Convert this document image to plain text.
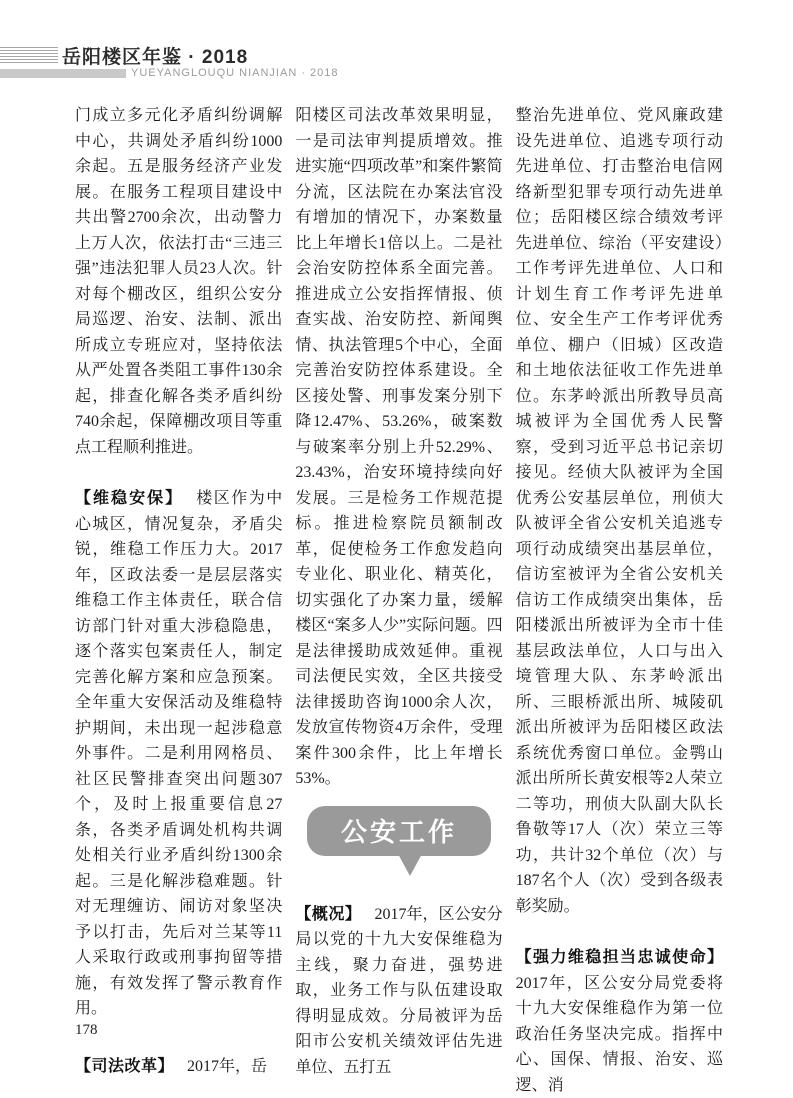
岳阳楼区年鉴 · 2018
YUEYANGLOUQU NIANJIAN · 2018

门成立多元化矛盾纠纷调解中心，共调处矛盾纠纷1000余起。五是服务经济产业发展。在服务工程项目建设中共出警2700余次，出动警力上万人次，依法打击“三违三强”违法犯罪人员23人次。针对每个棚改区，组织公安分局巡逻、治安、法制、派出所成立专班应对，坚持依法从严处置各类阻工事件130余起，排查化解各类矛盾纠纷740余起，保障棚改项目等重点工程顺利推进。

【维稳安保】 楼区作为中心城区，情况复杂，矛盾尖锐，维稳工作压力大。2017年，区政法委一是层层落实维稳工作主体责任，联合信访部门针对重大涉稳隐患，逐个落实包案责任人，制定完善化解方案和应急预案。全年重大安保活动及维稳特护期间，未出现一起涉稳意外事件。二是利用网格员、社区民警排查突出问题307个，及时上报重要信息27条，各类矛盾调处机构共调处相关行业矛盾纠纷1300余起。三是化解涉稳难题。针对无理缠访、闹访对象坚决予以打击，先后对兰某等11人采取行政或刑事拘留等措施，有效发挥了警示教育作用。

【司法改革】 2017年，岳

阳楼区司法改革效果明显，一是司法审判提质增效。推进实施“四项改革”和案件繁简分流，区法院在办案法官没有增加的情况下，办案数量比上年增长1倍以上。二是社会治安防控体系全面完善。推进成立公安指挥情报、侦查实战、治安防控、新闻舆情、执法管理5个中心，全面完善治安防控体系建设。全区接处警、刑事发案分别下降12.47%、53.26%，破案数与破案率分别上升52.29%、23.43%，治安环境持续向好发展。三是检务工作规范提标。推进检察院员额制改革，促使检务工作愈发趋向专业化、职业化、精英化，切实强化了办案力量，缓解楼区“案多人少”实际问题。四是法律援助成效延伸。重视司法便民实效，全区共接受法律援助咨询1000余人次，发放宣传物资4万余件，受理案件300余件，比上年增长53%。

公安工作

【概况】 2017年，区公安分局以党的十九大安保维稳为主线，聚力奋进，强势进取，业务工作与队伍建设取得明显成效。分局被评为岳阳市公安机关绩效评估先进单位、五打五

整治先进单位、党风廉政建设先进单位、追逃专项行动先进单位、打击整治电信网络新型犯罪专项行动先进单位；岳阳楼区综合绩效考评先进单位、综治（平安建设）工作考评先进单位、人口和计划生育工作考评先进单位、安全生产工作考评优秀单位、棚户（旧城）区改造和土地依法征收工作先进单位。东茅岭派出所教导员高城被评为全国优秀人民警察，受到习近平总书记亲切接见。经侦大队被评为全国优秀公安基层单位，刑侦大队被评全省公安机关追逃专项行动成绩突出基层单位，信访室被评为全省公安机关信访工作成绩突出集体，岳阳楼派出所被评为全市十佳基层政法单位，人口与出入境管理大队、东茅岭派出所、三眼桥派出所、城陵矶派出所被评为岳阳楼区政法系统优秀窗口单位。金鹗山派出所所长黄安根等2人荣立二等功，刑侦大队副大队长鲁敬等17人（次）荣立三等功，共计32个单位（次）与187名个人（次）受到各级表彰奖励。

【强力维稳担当忠诚使命】2017年，区公安分局党委将十九大安保维稳作为第一位政治任务坚决完成。指挥中心、国保、情报、治安、巡逻、消

178
